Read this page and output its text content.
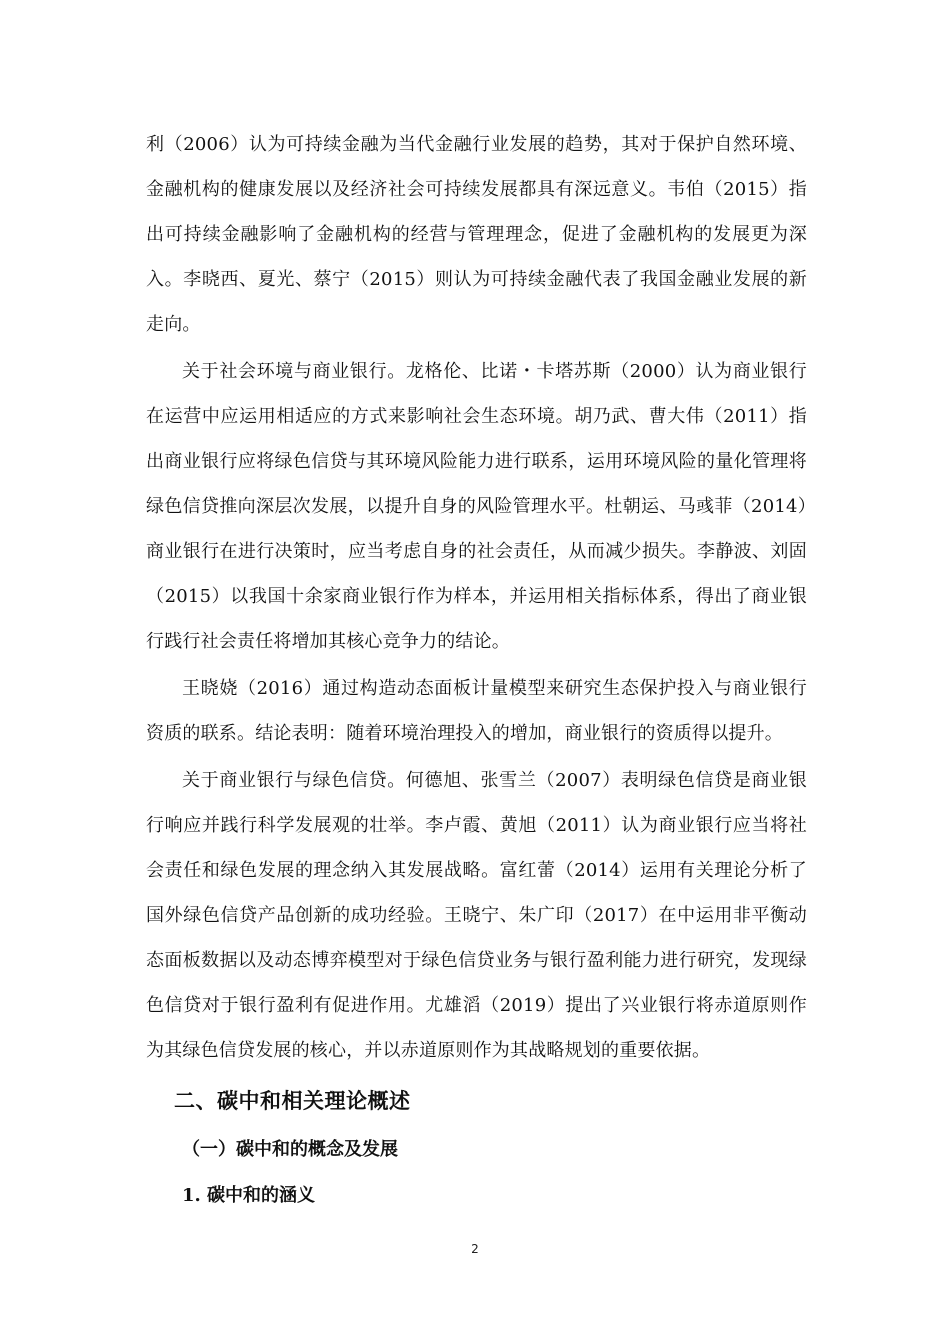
利（2006）认为可持续金融为当代金融行业发展的趋势，其对于保护自然环境、金融机构的健康发展以及经济社会可持续发展都具有深远意义。韦伯（2015）指出可持续金融影响了金融机构的经营与管理理念，促进了金融机构的发展更为深入。李晓西、夏光、蔡宁（2015）则认为可持续金融代表了我国金融业发展的新走向。

关于社会环境与商业银行。龙格伦、比诺・卡塔苏斯（2000）认为商业银行在运营中应运用相适应的方式来影响社会生态环境。胡乃武、曹大伟（2011）指出商业银行应将绿色信贷与其环境风险能力进行联系，运用环境风险的量化管理将绿色信贷推向深层次发展，以提升自身的风险管理水平。杜朝运、马彧菲（2014）商业银行在进行决策时，应当考虑自身的社会责任，从而减少损失。李静波、刘固（2015）以我国十余家商业银行作为样本，并运用相关指标体系，得出了商业银行践行社会责任将增加其核心竞争力的结论。

王晓娆（2016）通过构造动态面板计量模型来研究生态保护投入与商业银行资质的联系。结论表明：随着环境治理投入的增加，商业银行的资质得以提升。

关于商业银行与绿色信贷。何德旭、张雪兰（2007）表明绿色信贷是商业银行响应并践行科学发展观的壮举。李卢霞、黄旭（2011）认为商业银行应当将社会责任和绿色发展的理念纳入其发展战略。富红蕾（2014）运用有关理论分析了国外绿色信贷产品创新的成功经验。王晓宁、朱广印（2017）在中运用非平衡动态面板数据以及动态博弈模型对于绿色信贷业务与银行盈利能力进行研究，发现绿色信贷对于银行盈利有促进作用。尤雄滔（2019）提出了兴业银行将赤道原则作为其绿色信贷发展的核心，并以赤道原则作为其战略规划的重要依据。

二、碳中和相关理论概述
（一）碳中和的概念及发展
1. 碳中和的涵义
2
